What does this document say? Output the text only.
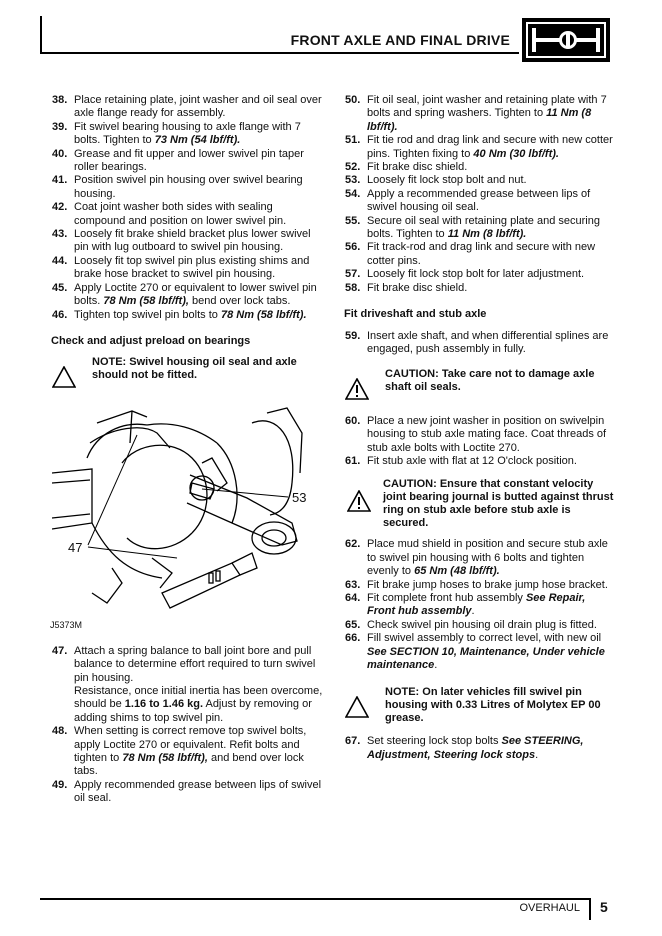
FRONT AXLE AND FINAL DRIVE
38. Place retaining plate, joint washer and oil seal over axle flange ready for assembly.
39. Fit swivel bearing housing to axle flange with 7 bolts. Tighten to 73 Nm (54 lbf/ft).
40. Grease and fit upper and lower swivel pin taper roller bearings.
41. Position swivel pin housing over swivel bearing housing.
42. Coat joint washer both sides with sealing compound and position on lower swivel pin.
43. Loosely fit brake shield bracket plus lower swivel pin with lug outboard to swivel pin housing.
44. Loosely fit top swivel pin plus existing shims and brake hose bracket to swivel pin housing.
45. Apply Loctite 270 or equivalent to lower swivel pin bolts. 78 Nm (58 lbf/ft), bend over lock tabs.
46. Tighten top swivel pin bolts to 78 Nm (58 lbf/ft).
Check and adjust preload on bearings
NOTE: Swivel housing oil seal and axle should not be fitted.
53
47
J5373M
47. Attach a spring balance to ball joint bore and pull balance to determine effort required to turn swivel pin housing.
Resistance, once initial inertia has been overcome, should be 1.16 to 1.46 kg. Adjust by removing or adding shims to top swivel pin.
48. When setting is correct remove top swivel bolts, apply Loctite 270 or equivalent. Refit bolts and tighten to 78 Nm (58 lbf/ft), and bend over lock tabs.
49. Apply recommended grease between lips of swivel oil seal.
50. Fit oil seal, joint washer and retaining plate with 7 bolts and spring washers. Tighten to 11 Nm (8 lbf/ft).
51. Fit tie rod and drag link and secure with new cotter pins. Tighten fixing to 40 Nm (30 lbf/ft).
52. Fit brake disc shield.
53. Loosely fit lock stop bolt and nut.
54. Apply a recommended grease between lips of swivel housing oil seal.
55. Secure oil seal with retaining plate and securing bolts. Tighten to 11 Nm (8 lbf/ft).
56. Fit track-rod and drag link and secure with new cotter pins.
57. Loosely fit lock stop bolt for later adjustment.
58. Fit brake disc shield.
Fit driveshaft and stub axle
59. Insert axle shaft, and when differential splines are engaged, push assembly in fully.
CAUTION: Take care not to damage axle shaft oil seals.
60. Place a new joint washer in position on swivelpin housing to stub axle mating face. Coat threads of stub axle bolts with Loctite 270.
61. Fit stub axle with flat at 12 O'clock position.
CAUTION: Ensure that constant velocity joint bearing journal is butted against thrust ring on stub axle before stub axle is secured.
62. Place mud shield in position and secure stub axle to swivel pin housing with 6 bolts and tighten evenly to 65 Nm (48 lbf/ft).
63. Fit brake jump hoses to brake jump hose bracket.
64. Fit complete front hub assembly See Repair, Front hub assembly.
65. Check swivel pin housing oil drain plug is fitted.
66. Fill swivel assembly to correct level, with new oil See SECTION 10, Maintenance, Under vehicle maintenance.
NOTE: On later vehicles fill swivel pin housing with 0.33 Litres of Molytex EP 00 grease.
67. Set steering lock stop bolts See STEERING, Adjustment, Steering lock stops.
OVERHAUL 5
